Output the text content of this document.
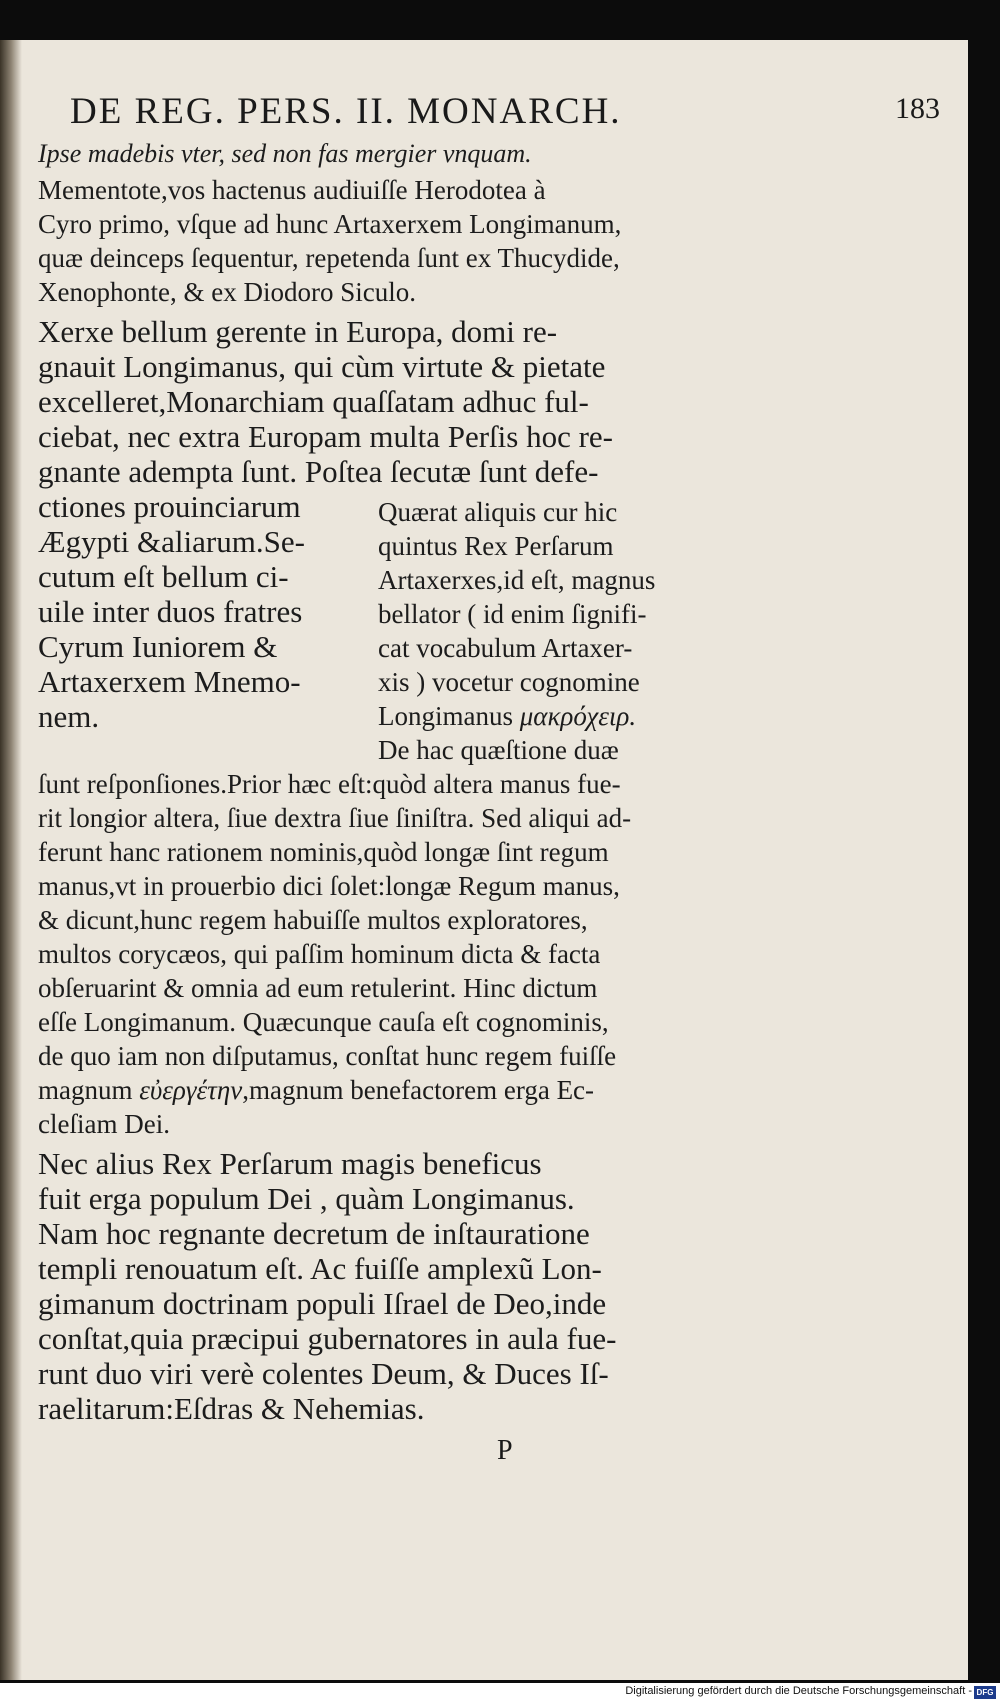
DE REG. PERS. II. MONARCH.	183
Ipse madebis vter, sed non fas mergier vnquam.
Mementote,vos hactenus audiuiſſe Herodotea à
Cyro primo, vſque ad hunc Artaxerxem Longimanum,
quæ deinceps ſequentur, repetenda ſunt ex Thucydide,
Xenophonte, & ex Diodoro Siculo.
Xerxe bellum gerente in Europa, domi re-
gnauit Longimanus, qui cùm virtute & pietate
excelleret,Monarchiam quaſſatam adhuc ful-
ciebat, nec extra Europam multa Perſis hoc re-
gnante adempta ſunt. Poſtea ſecutæ ſunt defe-
ctiones prouinciarum
Ægypti &aliarum.Se-
cutum eſt bellum ci-
uile inter duos fratres
Cyrum Iuniorem &
Artaxerxem Mnemo-
nem.
Quærat aliquis cur hic
quintus Rex Perſarum
Artaxerxes,id eſt, magnus
bellator ( id enim ſignifi-
cat vocabulum Artaxer-
xis ) vocetur cognomine
Longimanus μακρόχειρ.
De hac quæſtione duæ
ſunt reſponſiones.Prior hæc eſt:quòd altera manus fue-
rit longior altera, ſiue dextra ſiue ſiniſtra. Sed aliqui ad-
ferunt hanc rationem nominis,quòd longæ ſint regum
manus,vt in prouerbio dici ſolet:longæ Regum manus,
& dicunt,hunc regem habuiſſe multos exploratores,
multos corycæos, qui paſſim hominum dicta & facta
obſeruarint & omnia ad eum retulerint. Hinc dictum
eſſe Longimanum. Quæcunque cauſa eſt cognominis,
de quo iam non diſputamus, conſtat hunc regem fuiſſe
magnum εὐεργέτην,magnum benefactorem erga Ec-
cleſiam Dei.
Nec alius Rex Perſarum magis beneficus
fuit erga populum Dei , quàm Longimanus.
Nam hoc regnante decretum de inſtauratione
templi renouatum eſt. Ac fuiſſe amplexũ Lon-
gimanum doctrinam populi Iſrael de Deo,inde
conſtat,quia præcipui gubernatores in aula fue-
runt duo viri verè colentes Deum, & Duces Iſ-
raelitarum:Eſdras & Nehemias.
P
Digitalisierung gefördert durch die Deutsche Forschungsgemeinschaft - DFG
